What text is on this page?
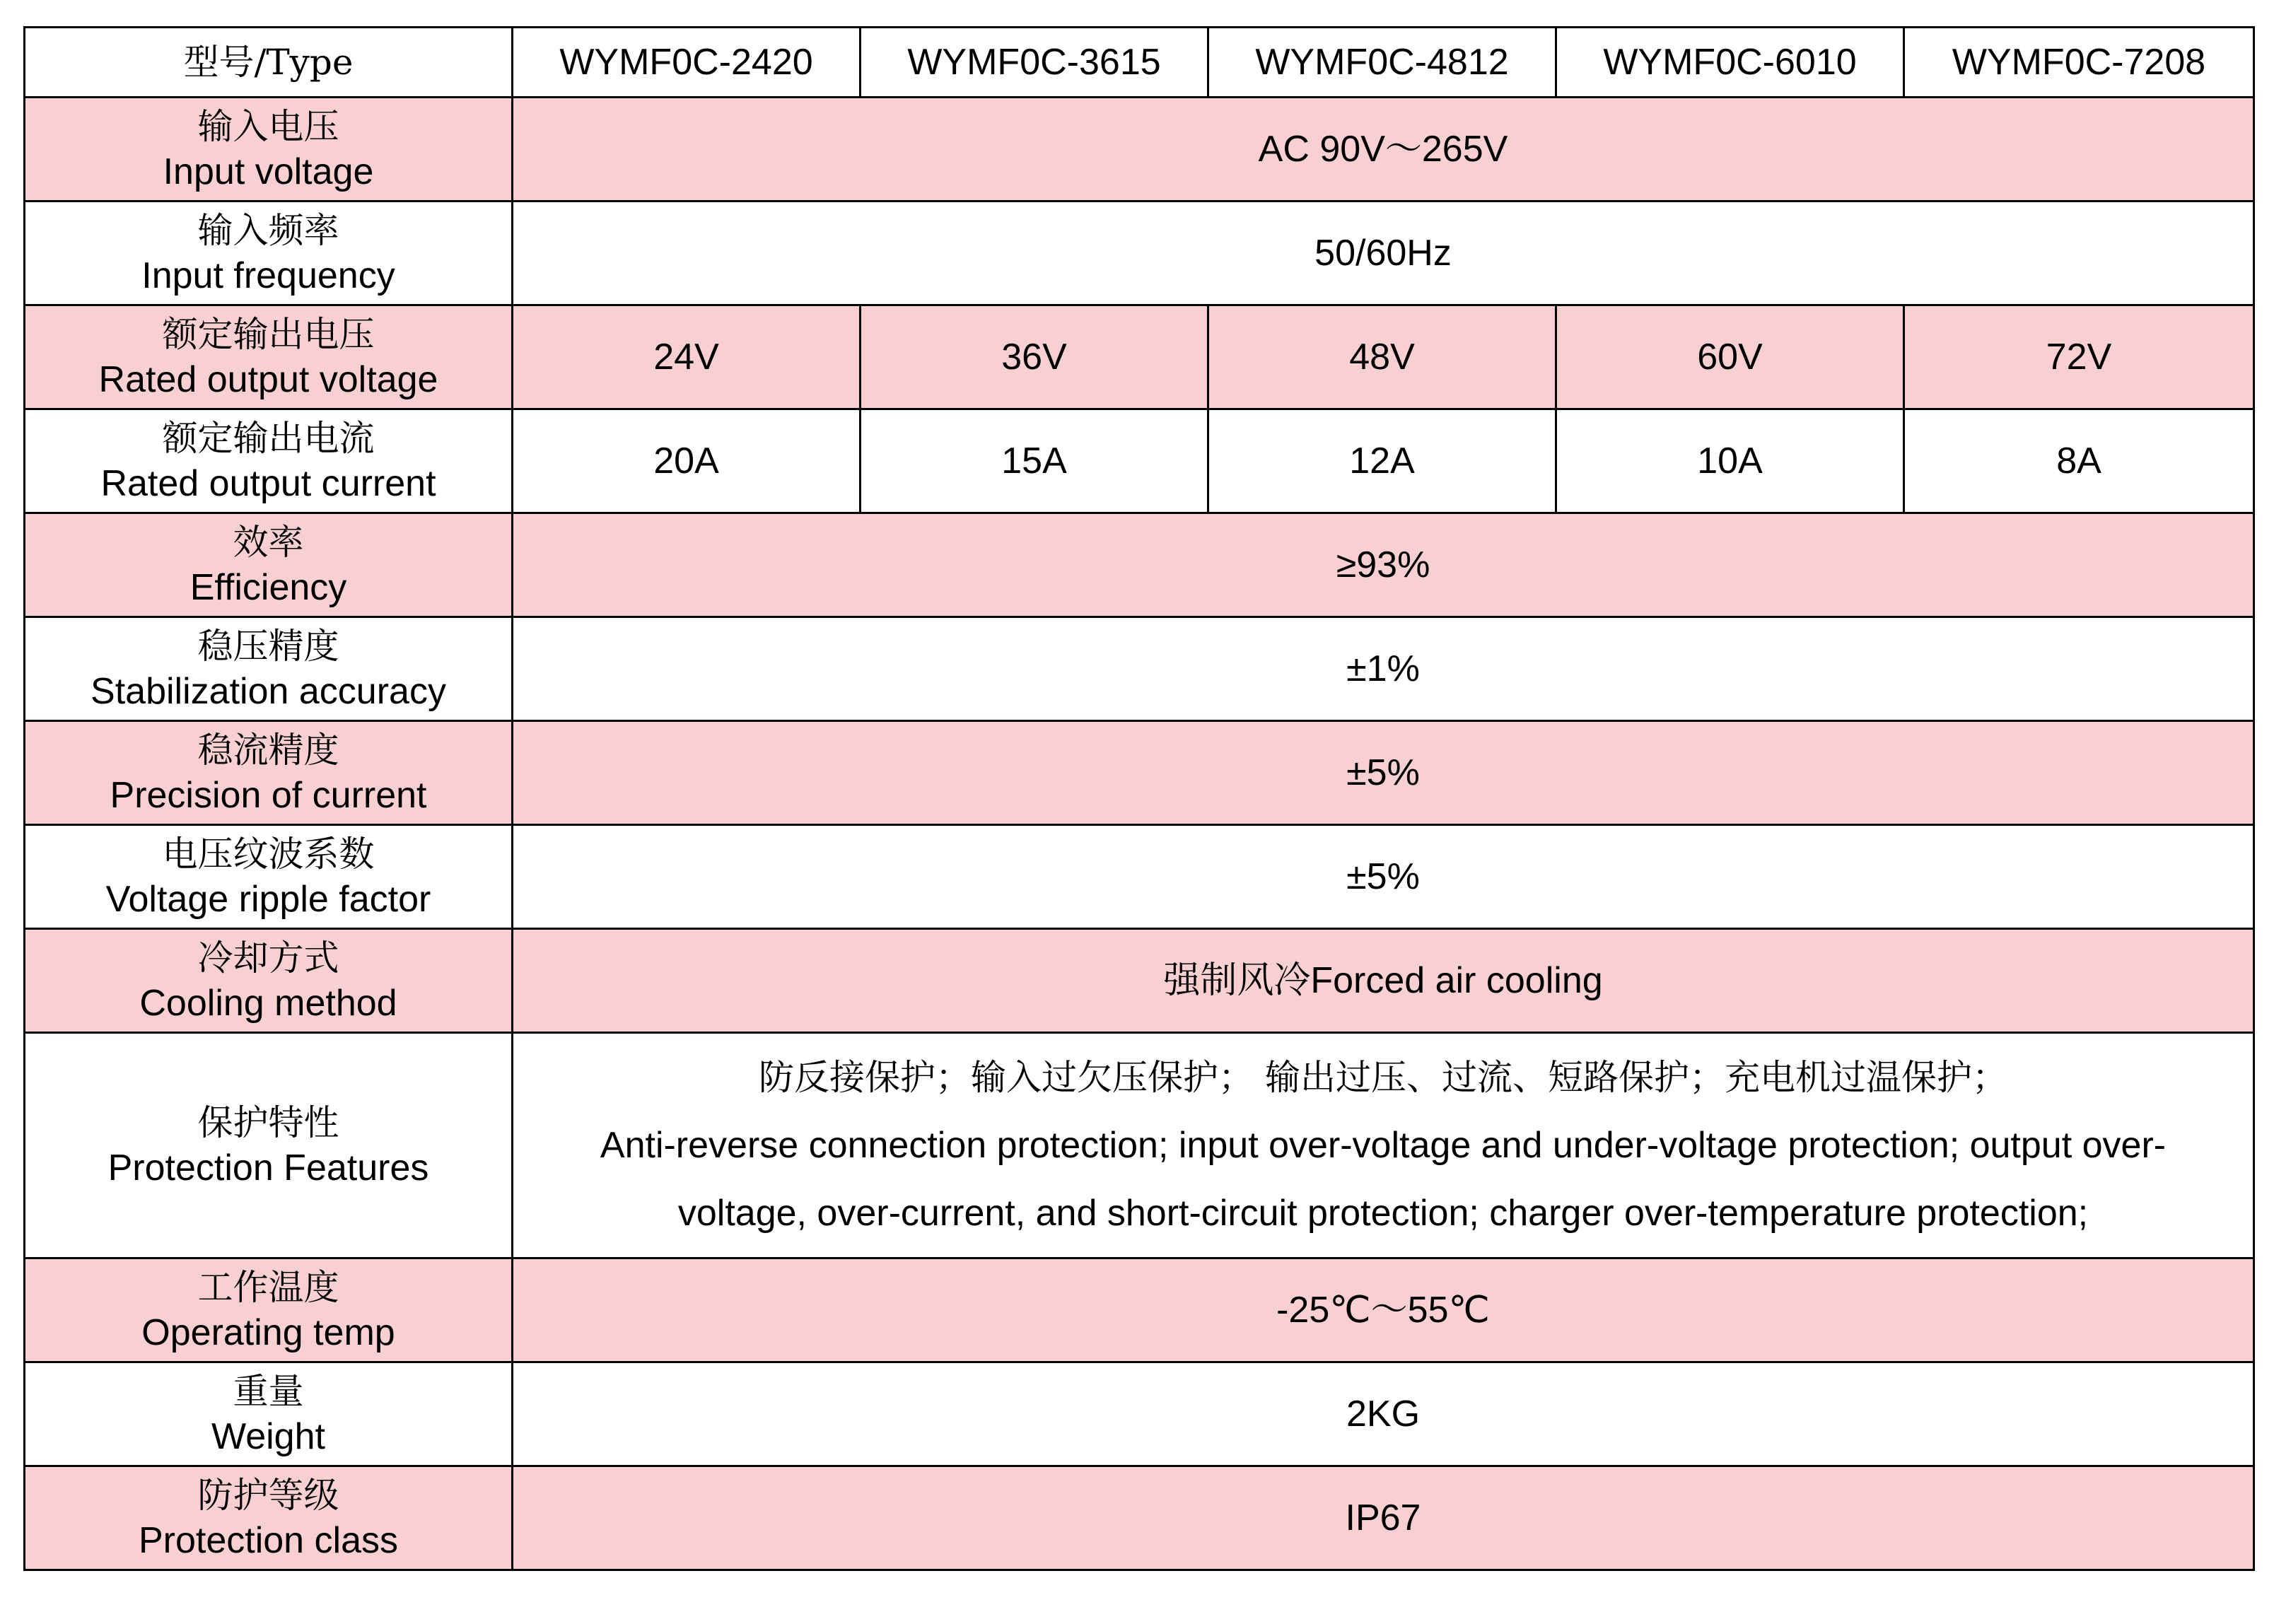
型号/Type	WYMF0C-2420	WYMF0C-3615	WYMF0C-4812	WYMF0C-6010	WYMF0C-7208

输入电压
Input voltage	AC 90V～265V				

输入频率
Input frequency	50/60Hz				

额定输出电压
Rated output voltage	24V	36V	48V	60V	72V

额定输出电流
Rated output current	20A	15A	12A	10A	8A

效率
Efficiency	≥93%				

稳压精度
Stabilization accuracy	±1%				

稳流精度
Precision of current	±5%				

电压纹波系数
Voltage ripple factor	±5%				

冷却方式
Cooling method	强制风冷Forced air cooling				

保护特性
Protection Features	防反接保护；输入过欠压保护； 输出过压、过流、短路保护；充电机过温保护；
Anti-reverse connection protection; input over-voltage and under-voltage protection; output over-voltage, over-current, and short-circuit protection; charger over-temperature protection;				

工作温度
Operating temp	-25℃～55℃				

重量
Weight	2KG				

防护等级
Protection class	IP67				
